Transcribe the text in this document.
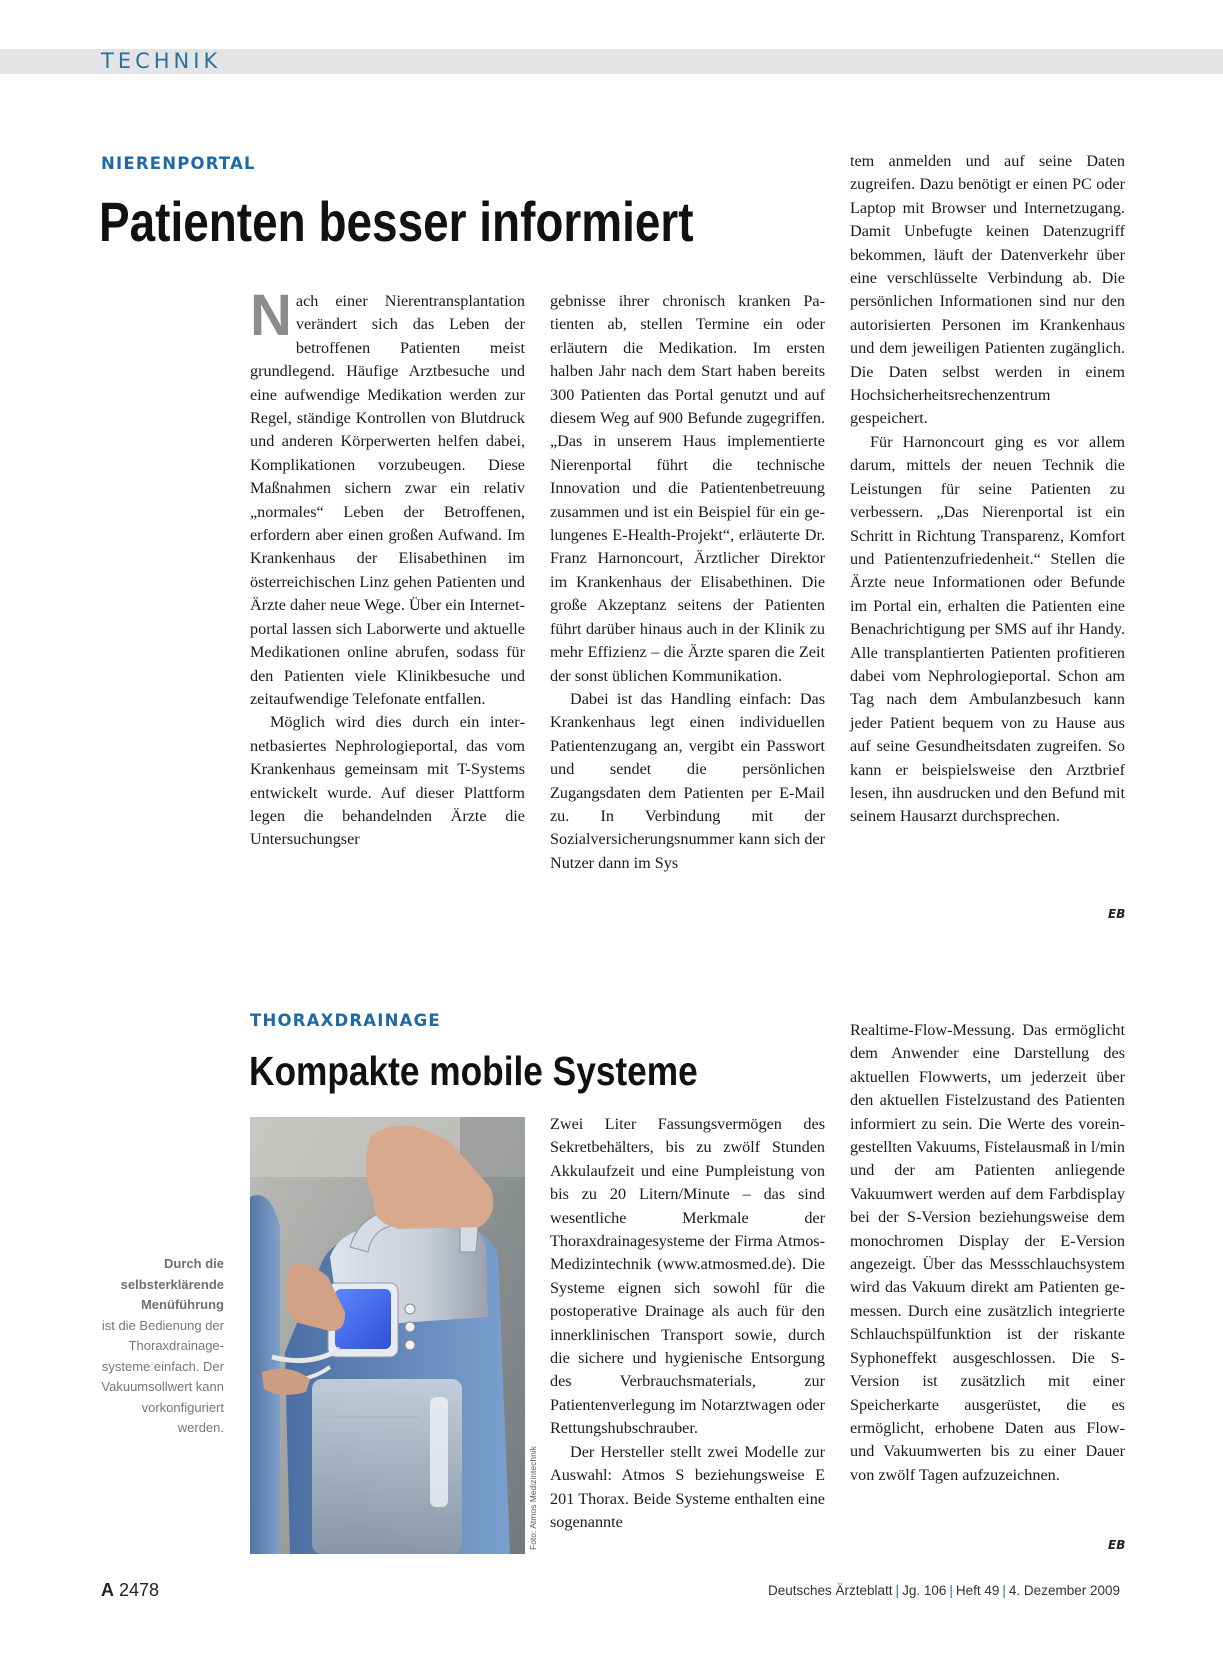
TECHNIK
NIERENPORTAL
Patienten besser informiert

Nach einer Nierentransplantation verändert sich das Leben der betroffenen Patienten meist grundlegend. Häufige Arztbesuche und eine aufwendige Medikation werden zur Regel, ständige Kontrollen von Blutdruck und anderen Körperwerten helfen dabei, Komplikationen vorzubeugen. Diese Maßnahmen sichern zwar ein relativ „normales“ Leben der Betroffenen, erfordern aber einen großen Aufwand. Im Krankenhaus der Elisabethinen im österreichischen Linz gehen Patienten und Ärzte daher neue Wege. Über ein Internetportal lassen sich Laborwerte und aktuelle Medikationen online abrufen, sodass für den Patienten viele Klinikbesuche und zeitaufwendige Telefonate entfallen.

Möglich wird dies durch ein internetbasiertes Nephrologieportal, das vom Krankenhaus gemeinsam mit T-Systems entwickelt wurde. Auf dieser Plattform legen die behandelnden Ärzte die Untersuchungser

gebnisse ihrer chronisch kranken Patienten ab, stellen Termine ein oder erläutern die Medikation. Im ersten halben Jahr nach dem Start haben bereits 300 Patienten das Portal genutzt und auf diesem Weg auf 900 Befunde zugegriffen. „Das in unserem Haus implementierte Nierenportal führt die technische Innovation und die Patientenbetreuung zusammen und ist ein Beispiel für ein gelungenes E-Health-Projekt“, erläuterte Dr. Franz Harnoncourt, Ärztlicher Direktor im Krankenhaus der Elisabethinen. Die große Akzeptanz seitens der Patienten führt darüber hinaus auch in der Klinik zu mehr Effizienz – die Ärzte sparen die Zeit der sonst üblichen Kommunikation.

Dabei ist das Handling einfach: Das Krankenhaus legt einen individuellen Patientenzugang an, vergibt ein Passwort und sendet die persönlichen Zugangsdaten dem Patienten per E-Mail zu. In Verbindung mit der Sozialversicherungsnummer kann sich der Nutzer dann im Sys

tem anmelden und auf seine Daten zugreifen. Dazu benötigt er einen PC oder Laptop mit Browser und Internetzugang. Damit Unbefugte keinen Datenzugriff bekommen, läuft der Datenverkehr über eine verschlüsselte Verbindung ab. Die persönlichen Informationen sind nur den autorisierten Personen im Krankenhaus und dem jeweiligen Patienten zugänglich. Die Daten selbst werden in einem Hochsicherheitsrechenzentrum gespeichert.

Für Harnoncourt ging es vor allem darum, mittels der neuen Technik die Leistungen für seine Patienten zu verbessern. „Das Nierenportal ist ein Schritt in Richtung Transparenz, Komfort und Patientenzufriedenheit.“ Stellen die Ärzte neue Informationen oder Befunde im Portal ein, erhalten die Patienten eine Benachrichtigung per SMS auf ihr Handy. Alle transplantierten Patienten profitieren dabei vom Nephrologieportal. Schon am Tag nach dem Ambulanzbesuch kann jeder Patient bequem von zu Hause aus auf seine Gesundheitsdaten zugreifen. So kann er beispielsweise den Arztbrief lesen, ihn ausdrucken und den Befund mit seinem Hausarzt durchsprechen.

EB
THORAXDRAINAGE
Kompakte mobile Systeme
Durch die selbsterklärende Menüführung
ist die Bedienung der Thoraxdrainagesysteme einfach. Der Vakuumsollwert kann vorkonfiguriert werden.
Foto: Atmos Medizintechnik

Zwei Liter Fassungsvermögen des Sekretbehälters, bis zu zwölf Stunden Akkulaufzeit und eine Pumpleistung von bis zu 20 Litern/Minute – das sind wesentliche Merkmale der Thoraxdrainagesysteme der Firma Atmos-Medizintechnik (www.atmosmed.de). Die Systeme eignen sich sowohl für die postoperative Drainage als auch für den innerklinischen Transport sowie, durch die sichere und hygienische Entsorgung des Verbrauchsmaterials, zur Patientenverlegung im Notarztwagen oder Rettungshubschrauber.

Der Hersteller stellt zwei Modelle zur Auswahl: Atmos S beziehungsweise E 201 Thorax. Beide Systeme enthalten eine sogenannte

Realtime-Flow-Messung. Das ermöglicht dem Anwender eine Darstellung des aktuellen Flowwerts, um jederzeit über den aktuellen Fistelzustand des Patienten informiert zu sein. Die Werte des voreingestellten Vakuums, Fistelausmaß in l/min und der am Patienten anliegende Vakuumwert werden auf dem Farbdisplay bei der S-Version beziehungsweise dem monochromen Display der E-Version angezeigt. Über das Messschlauchsystem wird das Vakuum direkt am Patienten gemessen. Durch eine zusätzlich integrierte Schlauchspülfunktion ist der riskante Syphoneffekt ausgeschlossen. Die S-Version ist zusätzlich mit einer Speicherkarte ausgerüstet, die es ermöglicht, erhobene Daten aus Flow- und Vakuumwerten bis zu einer Dauer von zwölf Tagen aufzuzeichnen.

EB
A 2478	Deutsches Ärzteblatt | Jg. 106 | Heft 49 | 4. Dezember 2009
